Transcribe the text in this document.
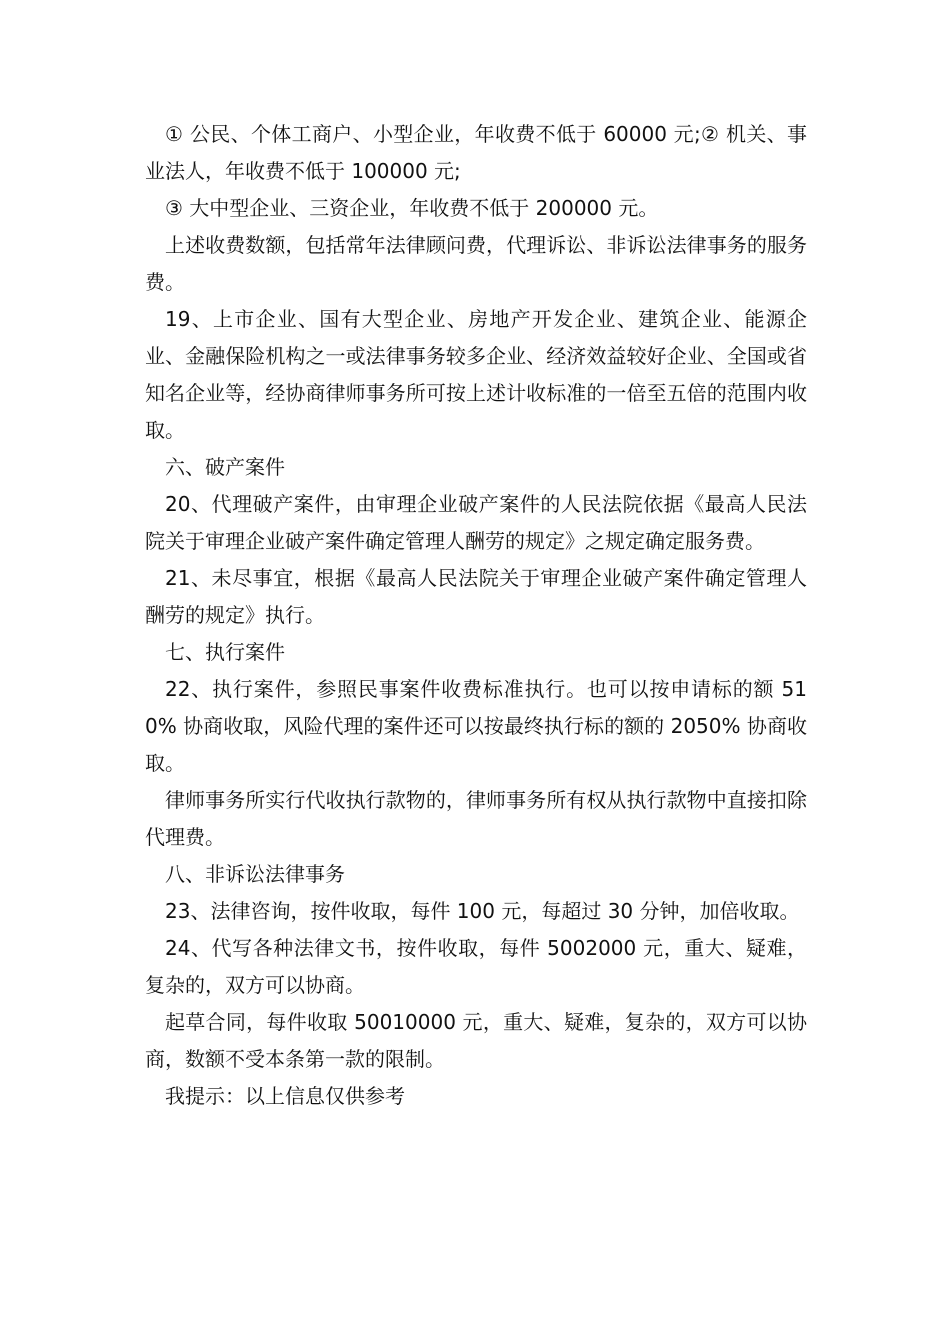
① 公民、个体工商户、小型企业，年收费不低于 60000 元;② 机关、事业法人，年收费不低于 100000 元;

③ 大中型企业、三资企业，年收费不低于 200000 元。

上述收费数额，包括常年法律顾问费，代理诉讼、非诉讼法律事务的服务费。

19、上市企业、国有大型企业、房地产开发企业、建筑企业、能源企业、金融保险机构之一或法律事务较多企业、经济效益较好企业、全国或省知名企业等，经协商律师事务所可按上述计收标准的一倍至五倍的范围内收取。

六、破产案件

20、代理破产案件，由审理企业破产案件的人民法院依据《最高人民法院关于审理企业破产案件确定管理人酬劳的规定》之规定确定服务费。

21、未尽事宜，根据《最高人民法院关于审理企业破产案件确定管理人酬劳的规定》执行。

七、执行案件

22、执行案件，参照民事案件收费标准执行。也可以按申请标的额 510% 协商收取，风险代理的案件还可以按最终执行标的额的 2050% 协商收取。

律师事务所实行代收执行款物的，律师事务所有权从执行款物中直接扣除代理费。

八、非诉讼法律事务

23、法律咨询，按件收取，每件 100 元，每超过 30 分钟，加倍收取。

24、代写各种法律文书，按件收取，每件 5002000 元，重大、疑难，复杂的，双方可以协商。

起草合同，每件收取 50010000 元，重大、疑难，复杂的，双方可以协商，数额不受本条第一款的限制。

我提示：以上信息仅供参考
